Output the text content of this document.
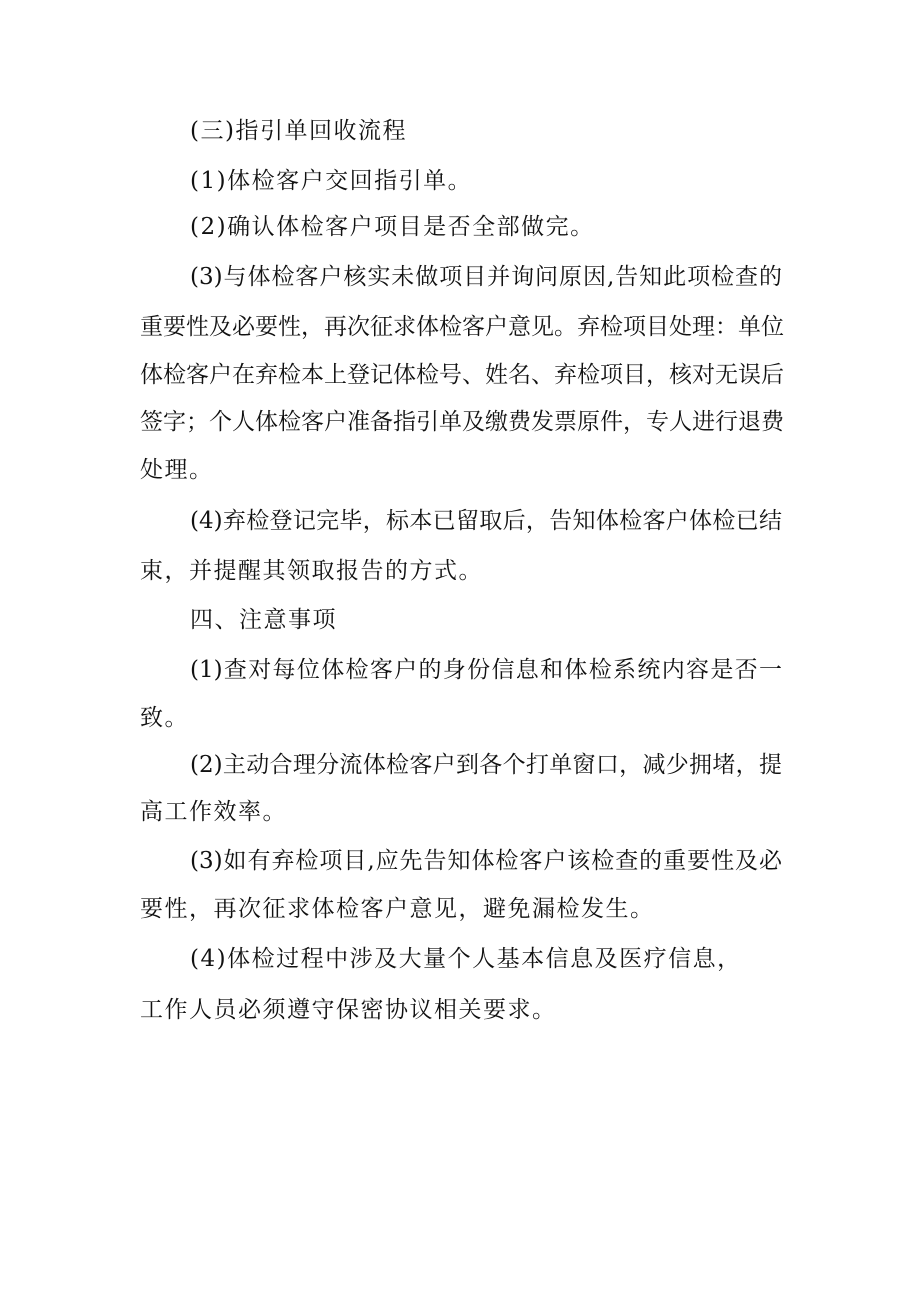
(三)指引单回收流程
(1)体检客户交回指引单。
(2)确认体检客户项目是否全部做完。
(3)与体检客户核实未做项目并询问原因,告知此项检查的
重要性及必要性，再次征求体检客户意见。弃检项目处理：单位
体检客户在弃检本上登记体检号、姓名、弃检项目，核对无误后
签字；个人体检客户准备指引单及缴费发票原件，专人进行退费
处理。
(4)弃检登记完毕，标本已留取后，告知体检客户体检已结
束，并提醒其领取报告的方式。
四、注意事项
(1)查对每位体检客户的身份信息和体检系统内容是否一
致。
(2)主动合理分流体检客户到各个打单窗口，减少拥堵，提
高工作效率。
(3)如有弃检项目,应先告知体检客户该检查的重要性及必
要性，再次征求体检客户意见，避免漏检发生。
(4)体检过程中涉及大量个人基本信息及医疗信息，
工作人员必须遵守保密协议相关要求。
